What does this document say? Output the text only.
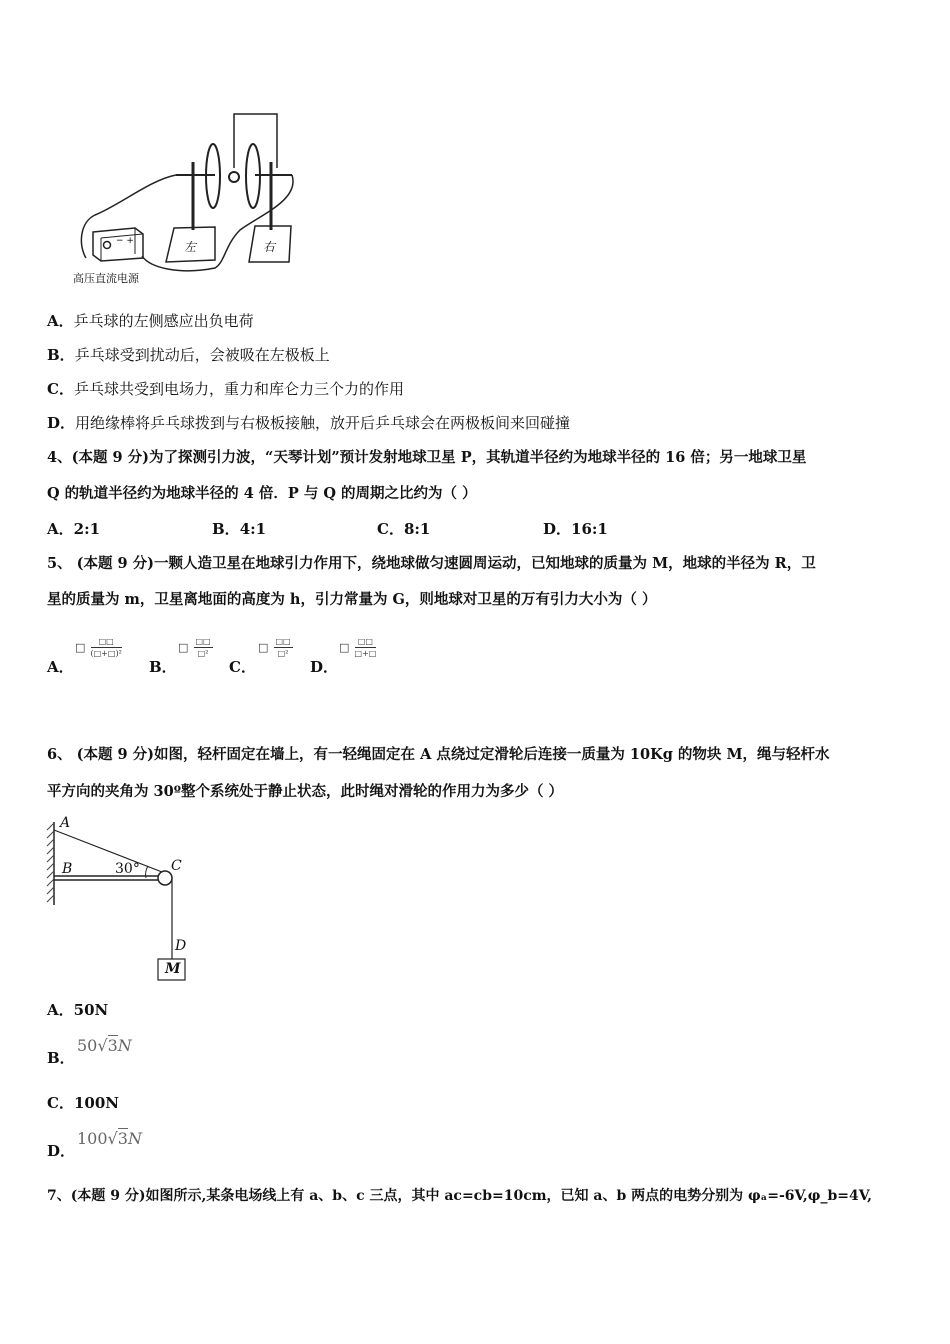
− +	左	右
高压直流电源
A．乒乓球的左侧感应出负电荷
B．乒乓球受到扰动后，会被吸在左极板上
C．乒乓球共受到电场力，重力和库仑力三个力的作用
D．用绝缘棒将乒乓球拨到与右极板接触，放开后乒乓球会在两极板间来回碰撞
4、(本题 9 分)为了探测引力波，“天琴计划”预计发射地球卫星 P，其轨道半径约为地球半径的 16 倍；另一地球卫星
Q 的轨道半径约为地球半径的 4 倍．P 与 Q 的周期之比约为（ ）
A．2:1	B．4:1	C．8:1	D．16:1
5、 (本题 9 分)一颗人造卫星在地球引力作用下，绕地球做匀速圆周运动，已知地球的质量为 M，地球的半径为 R，卫
星的质量为 m，卫星离地面的高度为 h，引力常量为 G，则地球对卫星的万有引力大小为（ ）
A．
□ $\frac{□□}{\text{(□+□)²}}$
B．
□ $\frac{□□}{\text{□²}}$
C．
□ $\frac{□□}{\text{□²}}$
D．
□ $\frac{□□}{□+□}$
6、 (本题 9 分)如图，轻杆固定在墙上，有一轻绳固定在 A 点绕过定滑轮后连接一质量为 10Kg 的物块 M，绳与轻杆水
平方向的夹角为 30º整个系统处于静止状态，此时绳对滑轮的作用力为多少（ ）
A
B	30° C
D
M
A．50N
B．
50√3N
C．100N
D．
100√3N
7、(本题 9 分)如图所示,某条电场线上有 a、b、c 三点，其中 ac=cb=10cm，已知 a、b 两点的电势分别为 φₐ=-6V,φ_b=4V,
